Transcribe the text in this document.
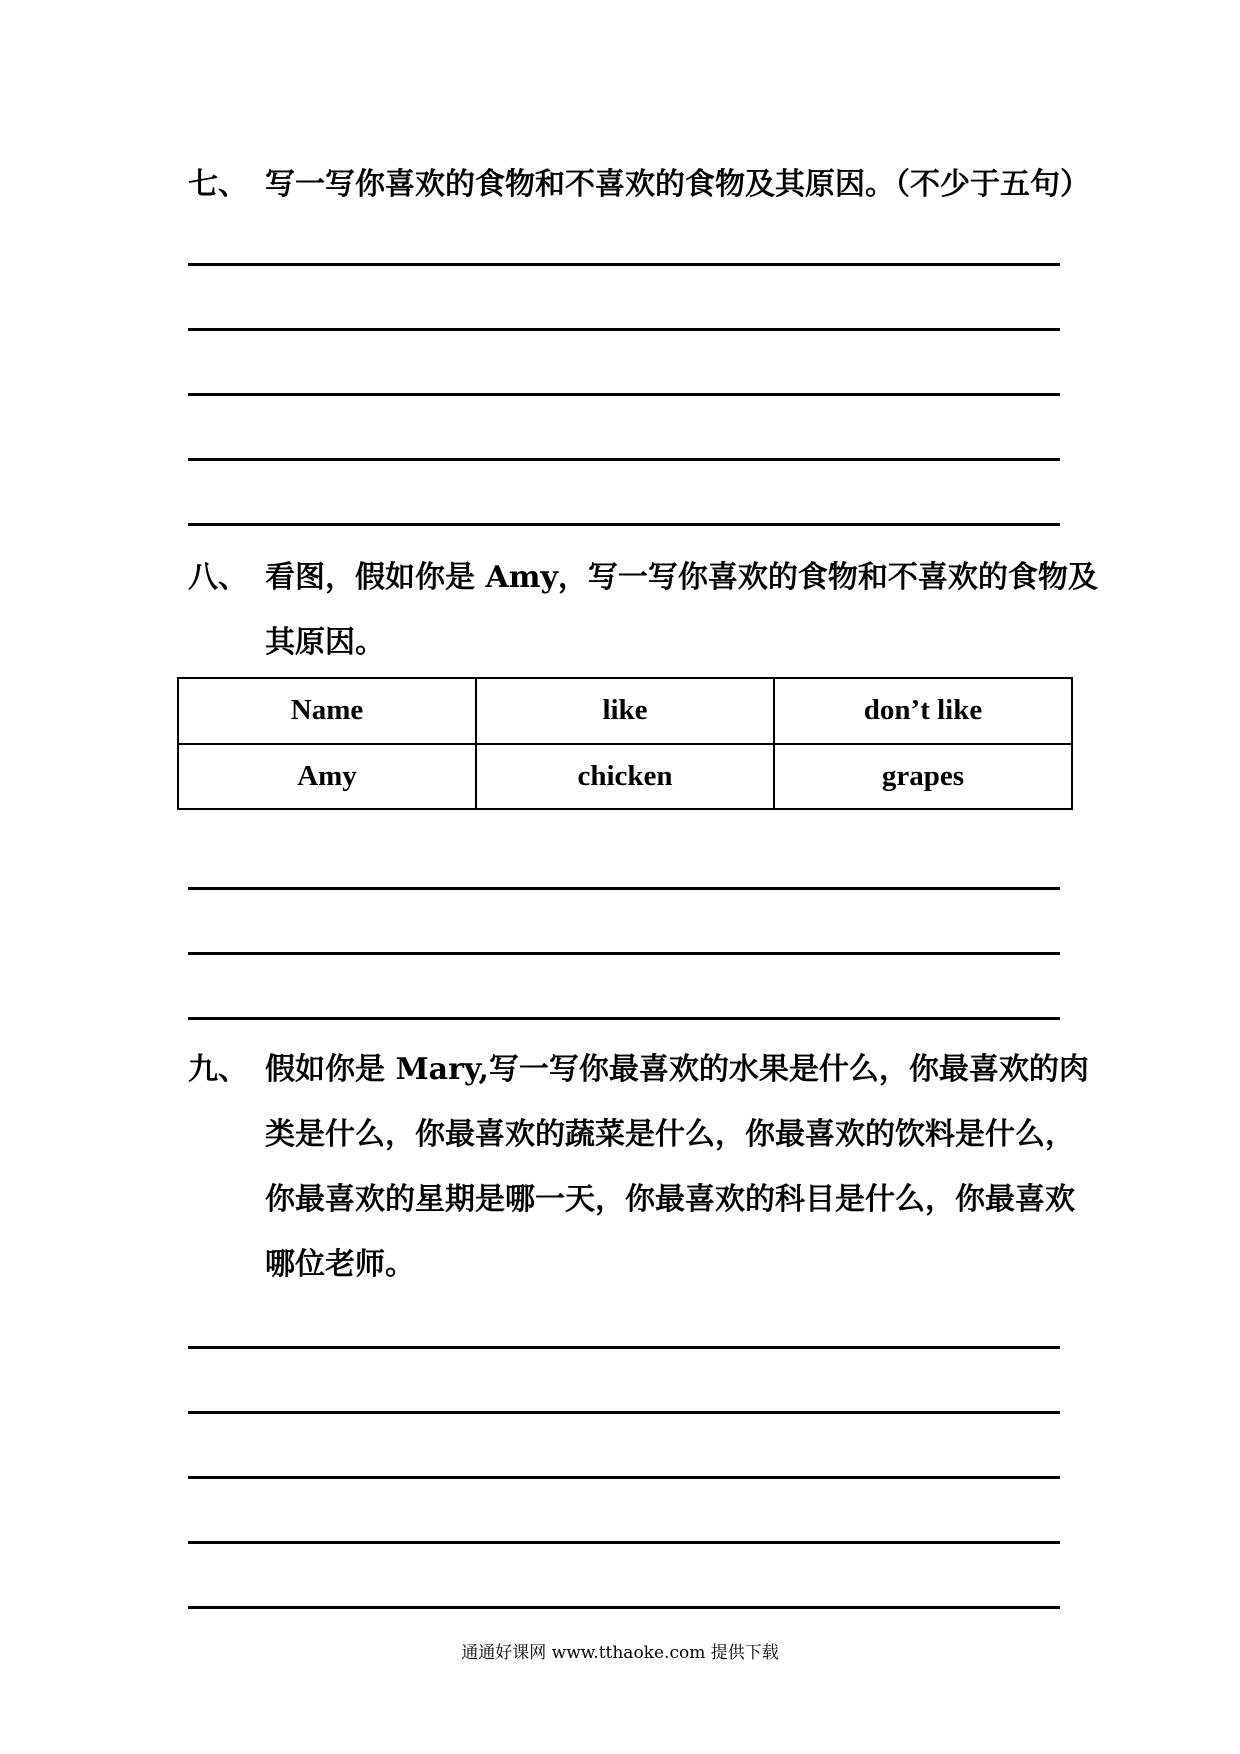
七、 写一写你喜欢的食物和不喜欢的食物及其原因。（不少于五句）
八、 看图，假如你是 Amy，写一写你喜欢的食物和不喜欢的食物及
其原因。
Name	like	don’t like
Amy	chicken	grapes
九、 假如你是 Mary,写一写你最喜欢的水果是什么，你最喜欢的肉
类是什么，你最喜欢的蔬菜是什么，你最喜欢的饮料是什么，
你最喜欢的星期是哪一天，你最喜欢的科目是什么，你最喜欢
哪位老师。
通通好课网 www.tthaoke.com 提供下载
